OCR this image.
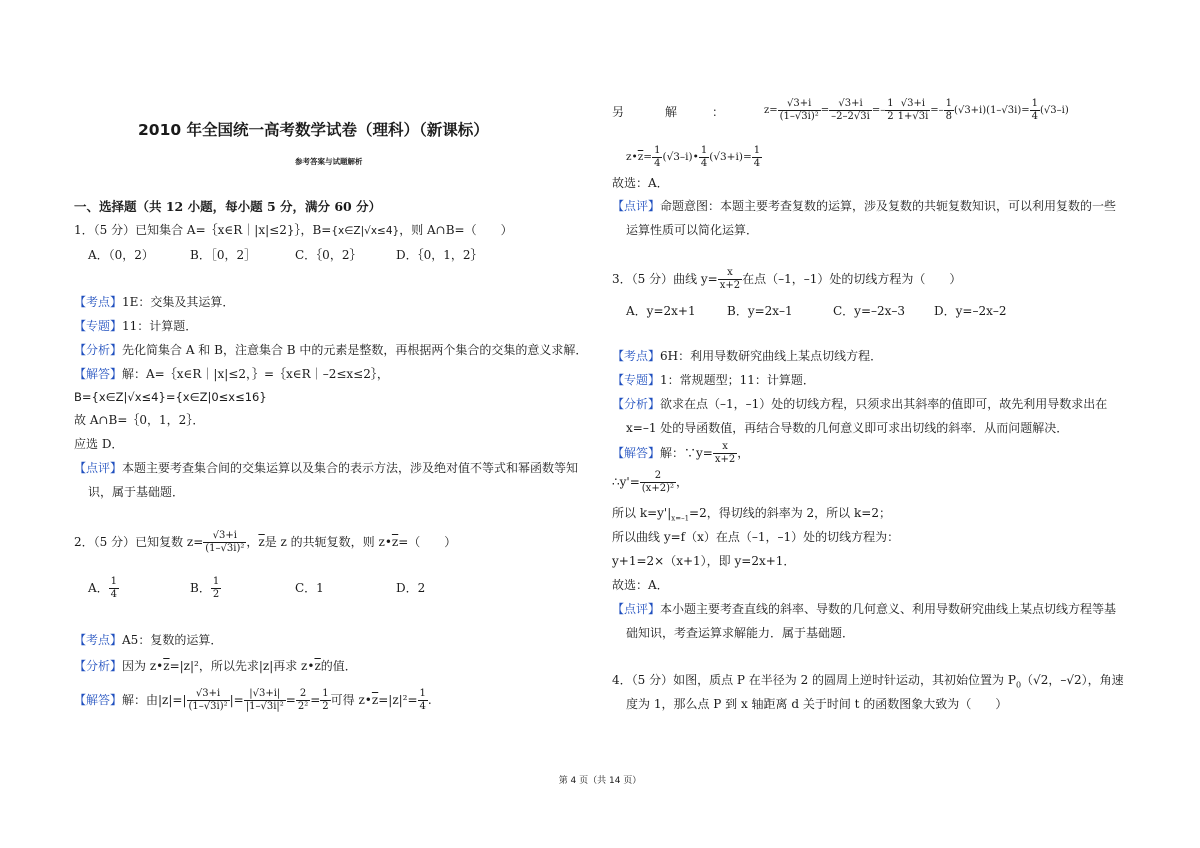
2010 年全国统一高考数学试卷（理科）（新课标）
参考答案与试题解析
一、选择题（共 12 小题，每小题 5 分，满分 60 分）
1．（5 分）已知集合 A=｛x∈R｜|x|≤2}｝，B={x∈Z|√x≤4}，则 A∩B=（　　）
A．（0，2）	B．［0，2］	C．｛0，2｝	D．｛0，1，2｝
【考点】1E：交集及其运算．
【专题】11：计算题．
【分析】先化简集合 A 和 B，注意集合 B 中的元素是整数，再根据两个集合的交集的意义求解．
【解答】解：A=｛x∈R｜|x|≤2，｝=｛x∈R｜–2≤x≤2｝，
B={x∈Z|√x≤4}={x∈Z|0≤x≤16}
故 A∩B=｛0，1，2｝．
应选 D．
【点评】本题主要考查集合间的交集运算以及集合的表示方法，涉及绝对值不等式和幂函数等知
识，属于基础题．
2．（5 分）已知复数 $z= \frac{√3+i}{\text{(1–√3i)²}}$ ，$\overline{z}$是 z 的共轭复数，则 $z•\overline{z}=$（　　）
A． $\frac{1}{4}$	B． $\frac{1}{2}$	C．1	D．2
【考点】A5：复数的运算．
【分析】因为 $z•\overline{z}=|z|^2$，所以先求|z|再求 $z•\overline{z}$的值．
【解答】解：由$|z|=| \frac{√3+i}{\text{(1–√3i)²}}$ |= $\frac{|√3+i|}{\text{|1–√3i|²}} = \frac{2}{\text{2²}} = \frac{1}{2}$ 可得 $z•\overline{z}=|z|^2= \frac{1}{4}$ .
另	解	：	$z= \frac{√3+i}{\text{(1–√3i)²}} = \frac{√3+i}{-2-2√3i} =- \frac{1}{2} \frac{√3+i}{1+√3i} =- \frac{1}{8} (√3+i)(1-√3i)= \frac{1}{4} (√3-i)$
$z•\overline{z}= \frac{1}{4}$ (√3–i)• $\frac{1}{4} (√3+i)= \frac{1}{4}$
故选：A．
【点评】命题意图：本题主要考查复数的运算，涉及复数的共轭复数知识，可以利用复数的一些
运算性质可以简化运算．
3．（5 分）曲线 $y= \frac{x}{x+2}$ 在点（–1，–1）处的切线方程为（　　）
A．y=2x+1	B．y=2x–1	C．y=–2x–3 D．y=–2x–2
【考点】6H：利用导数研究曲线上某点切线方程．
【专题】1：常规题型；11：计算题．
【分析】欲求在点（–1，–1）处的切线方程，只须求出其斜率的值即可，故先利用导数求出在
x=–1 处的导函数值，再结合导数的几何意义即可求出切线的斜率．从而问题解决．
【解答】解：∵y= $\frac{x}{x+2}$ ，
∴y'= $\frac{2}{\text{(x+2)²}}$ ，
所以 $k=y'|_{x=-1}=2$，得切线的斜率为 2，所以 k=2；
所以曲线 y=f（x）在点（–1，–1）处的切线方程为：
y+1=2×（x+1），即 y=2x+1．
故选：A．
【点评】本小题主要考查直线的斜率、导数的几何意义、利用导数研究曲线上某点切线方程等基
础知识，考查运算求解能力．属于基础题．
4．（5 分）如图，质点 P 在半径为 2 的圆周上逆时针运动，其初始位置为 $P_0(√2$，–√2），角速
度为 1，那么点 P 到 x 轴距离 d 关于时间 t 的函数图象大致为（　　）
第 4 页（共 14 页）
